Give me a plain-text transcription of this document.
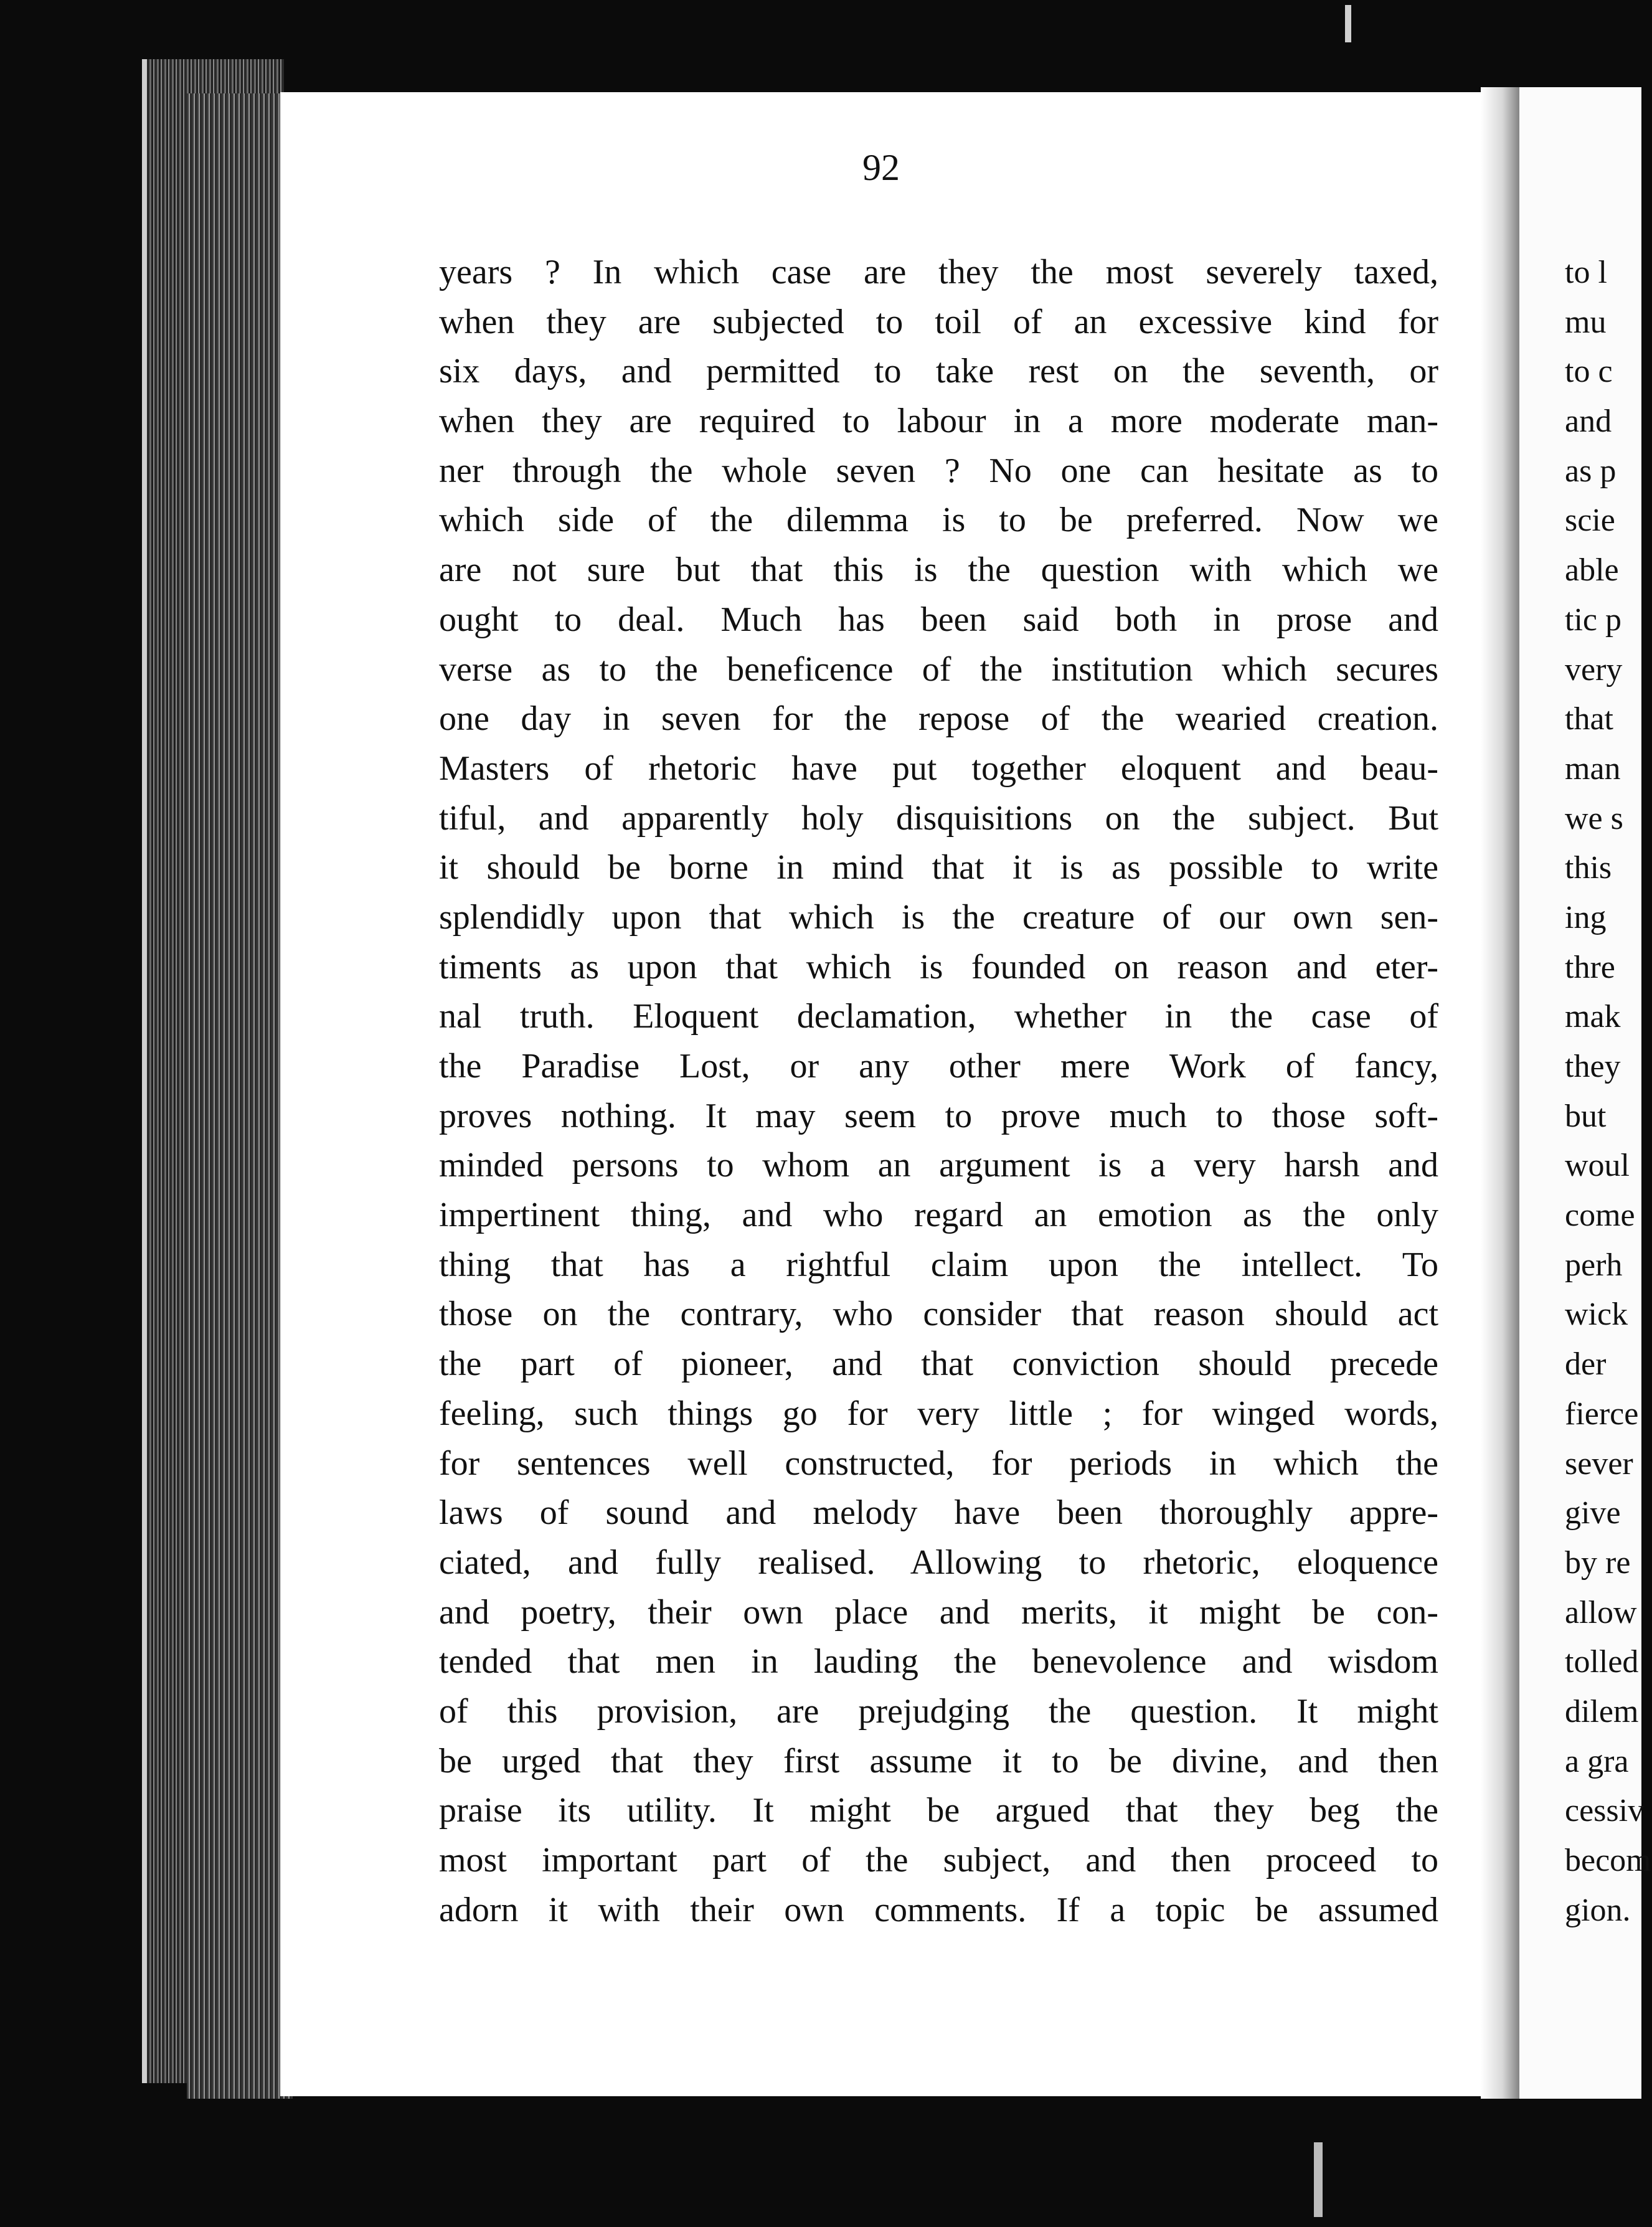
92
years ? In which case are they the most severely taxed,
when they are subjected to toil of an excessive kind for
six days, and permitted to take rest on the seventh, or
when they are required to labour in a more moderate man-
ner through the whole seven ? No one can hesitate as to
which side of the dilemma is to be preferred. Now we
are not sure but that this is the question with which we
ought to deal. Much has been said both in prose and
verse as to the beneficence of the institution which secures
one day in seven for the repose of the wearied creation.
Masters of rhetoric have put together eloquent and beau-
tiful, and apparently holy disquisitions on the subject. But
it should be borne in mind that it is as possible to write
splendidly upon that which is the creature of our own sen-
timents as upon that which is founded on reason and eter-
nal truth. Eloquent declamation, whether in the case of
the Paradise Lost, or any other mere Work of fancy,
proves nothing. It may seem to prove much to those soft-
minded persons to whom an argument is a very harsh and
impertinent thing, and who regard an emotion as the only
thing that has a rightful claim upon the intellect. To
those on the contrary, who consider that reason should act
the part of pioneer, and that conviction should precede
feeling, such things go for very little ; for winged words,
for sentences well constructed, for periods in which the
laws of sound and melody have been thoroughly appre-
ciated, and fully realised. Allowing to rhetoric, eloquence
and poetry, their own place and merits, it might be con-
tended that men in lauding the benevolence and wisdom
of this provision, are prejudging the question. It might
be urged that they first assume it to be divine, and then
praise its utility. It might be argued that they beg the
most important part of the subject, and then proceed to
adorn it with their own comments. If a topic be assumed
to l
mu
to c
and
as p
scie
able
tic p
very
that
man
we s
this
ing
thre
mak
they
but
woul
come
perh
wick
der
fierce
sever
give
by re
allow
tolled
dilem
a gra
cessiv
becom
gion.
